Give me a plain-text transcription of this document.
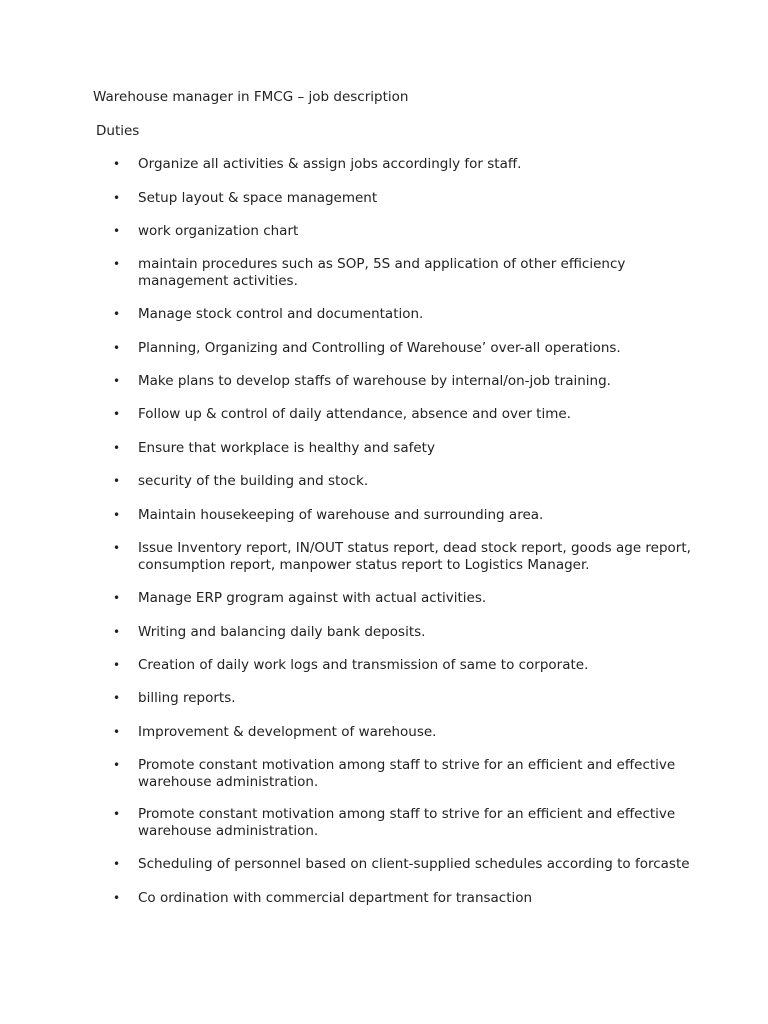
Warehouse manager in FMCG – job description
Duties
• Organize all activities & assign jobs accordingly for staff.
• Setup layout & space management
• work organization chart
• maintain procedures such as SOP, 5S and application of other efficiency management activities.
• Manage stock control and documentation.
• Planning, Organizing and Controlling of Warehouse’ over-all operations.
• Make plans to develop staffs of warehouse by internal/on-job training.
• Follow up & control of daily attendance, absence and over time.
• Ensure that workplace is healthy and safety
• security of the building and stock.
• Maintain housekeeping of warehouse and surrounding area.
• Issue Inventory report, IN/OUT status report, dead stock report, goods age report, consumption report, manpower status report to Logistics Manager.
• Manage ERP grogram against with actual activities.
• Writing and balancing daily bank deposits.
• Creation of daily work logs and transmission of same to corporate.
• billing reports.
• Improvement & development of warehouse.
• Promote constant motivation among staff to strive for an efficient and effective warehouse administration.
• Promote constant motivation among staff to strive for an efficient and effective warehouse administration.
• Scheduling of personnel based on client-supplied schedules according to forcaste
• Co ordination with commercial department for transaction
